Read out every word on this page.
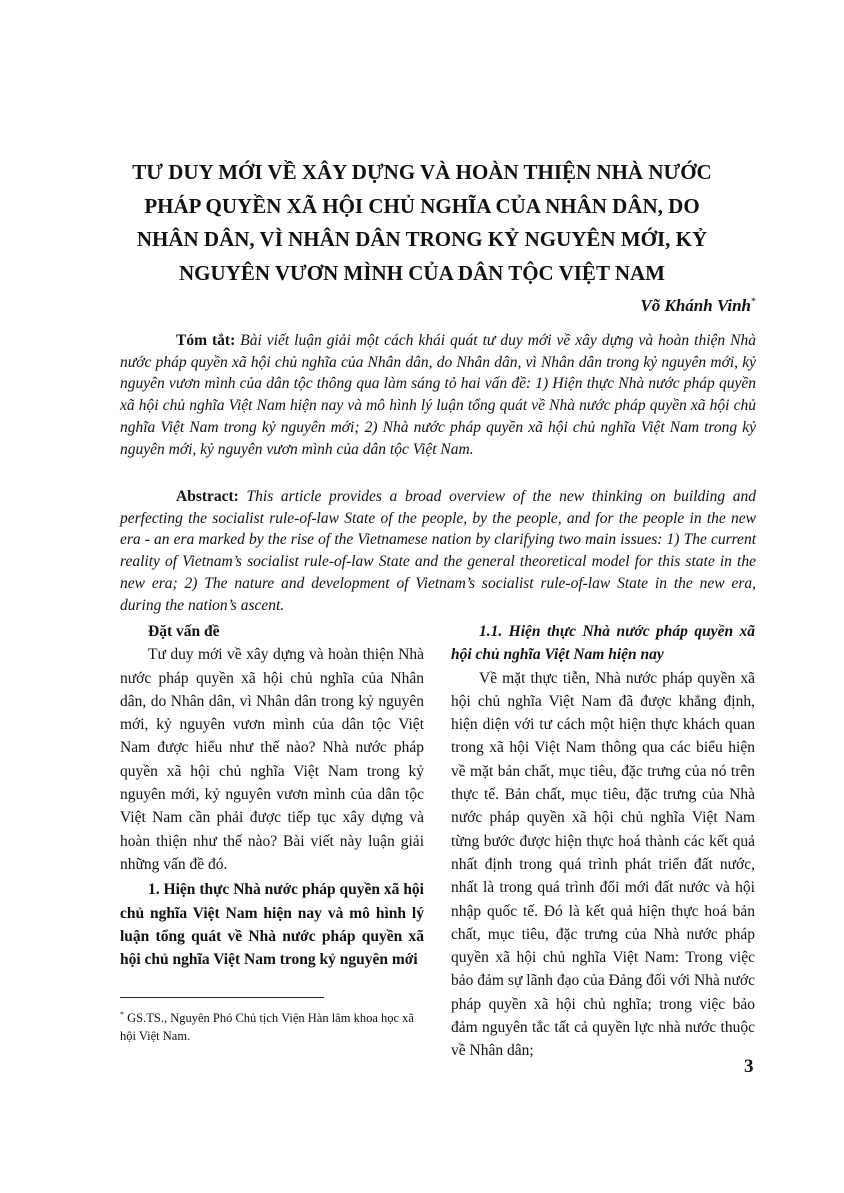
TƯ DUY MỚI VỀ XÂY DỰNG VÀ HOÀN THIỆN NHÀ NƯỚC
PHÁP QUYỀN XÃ HỘI CHỦ NGHĨA CỦA NHÂN DÂN, DO
NHÂN DÂN, VÌ NHÂN DÂN TRONG KỶ NGUYÊN MỚI, KỶ
NGUYÊN VƯƠN MÌNH CỦA DÂN TỘC VIỆT NAM
Võ Khánh Vinh*

Tóm tắt: Bài viết luận giải một cách khái quát tư duy mới về xây dựng và hoàn thiện Nhà nước pháp quyền xã hội chủ nghĩa của Nhân dân, do Nhân dân, vì Nhân dân trong kỷ nguyên mới, kỷ nguyên vươn mình của dân tộc thông qua làm sáng tỏ hai vấn đề: 1) Hiện thực Nhà nước pháp quyền xã hội chủ nghĩa Việt Nam hiện nay và mô hình lý luận tổng quát về Nhà nước pháp quyền xã hội chủ nghĩa Việt Nam trong kỷ nguyên mới; 2) Nhà nước pháp quyền xã hội chủ nghĩa Việt Nam trong kỷ nguyên mới, kỷ nguyên vươn mình của dân tộc Việt Nam.

Abstract: This article provides a broad overview of the new thinking on building and perfecting the socialist rule-of-law State of the people, by the people, and for the people in the new era - an era marked by the rise of the Vietnamese nation by clarifying two main issues: 1) The current reality of Vietnam’s socialist rule-of-law State and the general theoretical model for this state in the new era; 2) The nature and development of Vietnam’s socialist rule-of-law State in the new era, during the nation’s ascent.

Đặt vấn đề

Tư duy mới về xây dựng và hoàn thiện Nhà nước pháp quyền xã hội chủ nghĩa của Nhân dân, do Nhân dân, vì Nhân dân trong kỷ nguyên mới, kỷ nguyên vươn mình của dân tộc Việt Nam được hiểu như thế nào? Nhà nước pháp quyền xã hội chủ nghĩa Việt Nam trong kỷ nguyên mới, kỷ nguyên vươn mình của dân tộc Việt Nam cần phải được tiếp tục xây dựng và hoàn thiện như thế nào? Bài viết này luận giải những vấn đề đó.

1. Hiện thực Nhà nước pháp quyền xã hội chủ nghĩa Việt Nam hiện nay và mô hình lý luận tổng quát về Nhà nước pháp quyền xã hội chủ nghĩa Việt Nam trong kỷ nguyên mới

1.1. Hiện thực Nhà nước pháp quyền xã hội chủ nghĩa Việt Nam hiện nay

Về mặt thực tiễn, Nhà nước pháp quyền xã hội chủ nghĩa Việt Nam đã được khẳng định, hiện diện với tư cách một hiện thực khách quan trong xã hội Việt Nam thông qua các biểu hiện về mặt bản chất, mục tiêu, đặc trưng của nó trên thực tế. Bản chất, mục tiêu, đặc trưng của Nhà nước pháp quyền xã hội chủ nghĩa Việt Nam từng bước được hiện thực hoá thành các kết quả nhất định trong quá trình phát triển đất nước, nhất là trong quá trình đổi mới đất nước và hội nhập quốc tế. Đó là kết quả hiện thực hoá bản chất, mục tiêu, đặc trưng của Nhà nước pháp quyền xã hội chủ nghĩa Việt Nam: Trong việc bảo đảm sự lãnh đạo của Đảng đối với Nhà nước pháp quyền xã hội chủ nghĩa; trong việc bảo đảm nguyên tắc tất cả quyền lực nhà nước thuộc về Nhân dân;

* GS.TS., Nguyên Phó Chủ tịch Viện Hàn lâm khoa học xã hội Việt Nam.

3
